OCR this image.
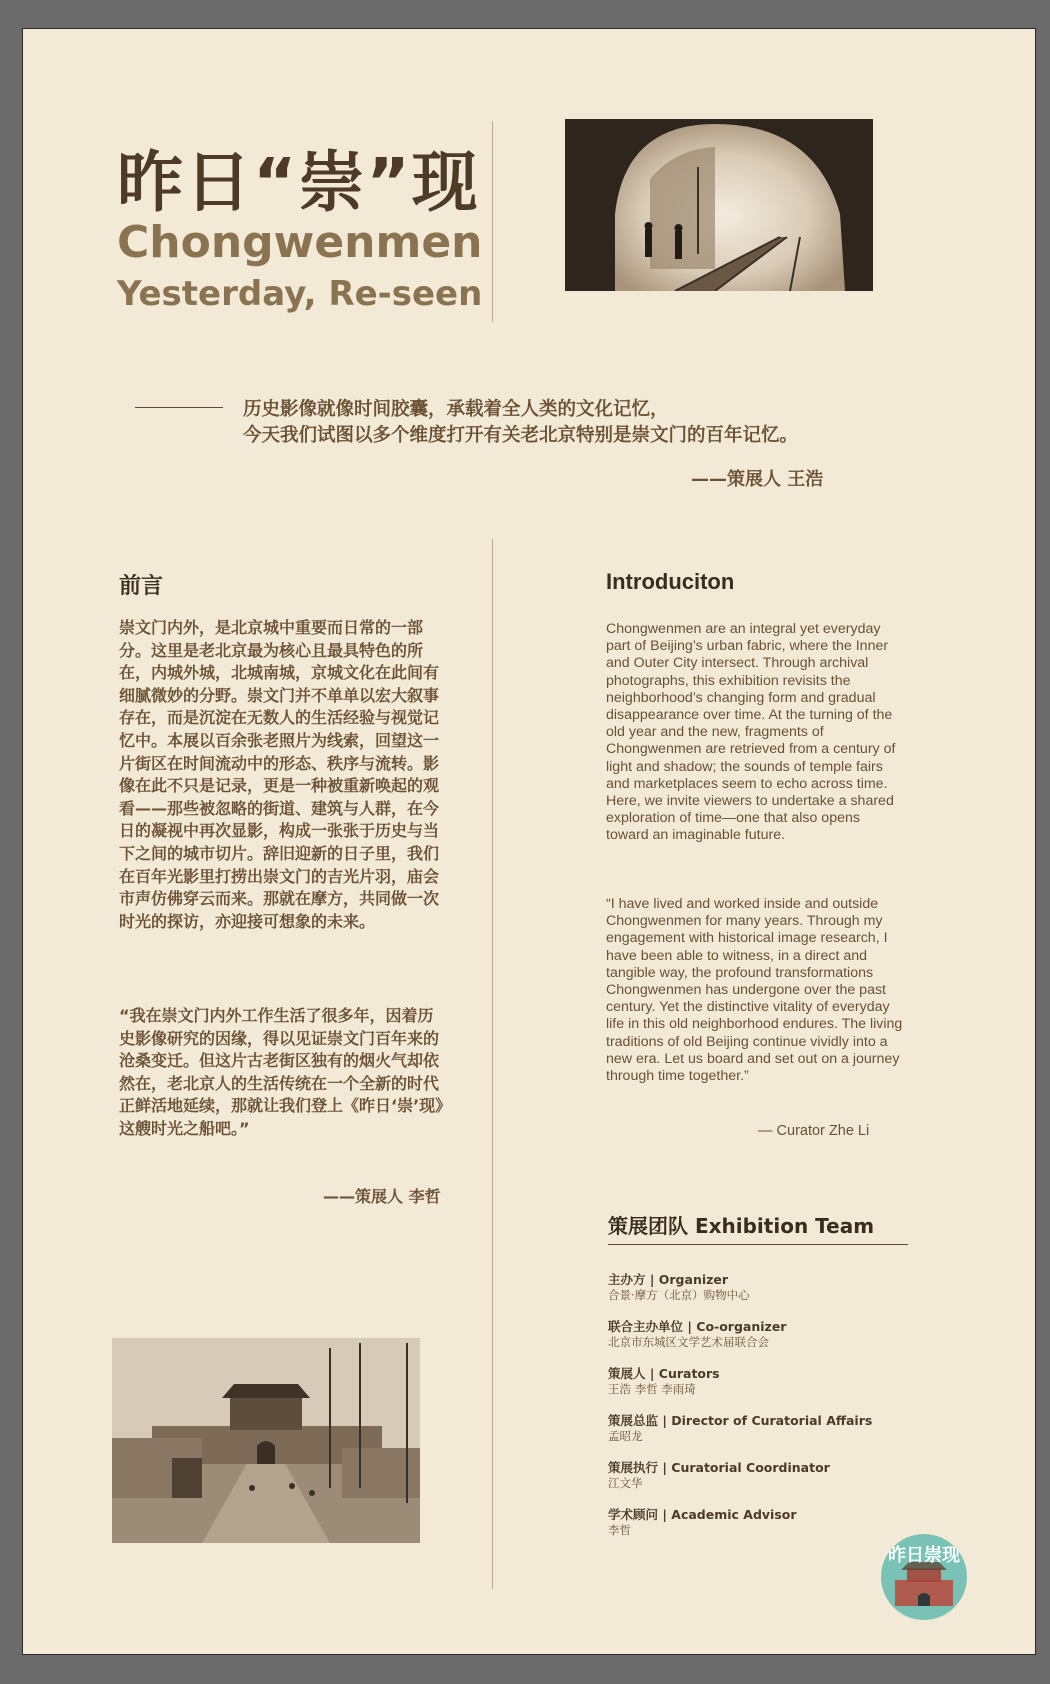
昨日“崇”现
Chongwenmen
Yesterday, Re-seen
历史影像就像时间胶囊，承载着全人类的文化记忆，
今天我们试图以多个维度打开有关老北京特别是崇文门的百年记忆。
——策展人 王浩
前言
崇文门内外，是北京城中重要而日常的一部分。这里是老北京最为核心且最具特色的所在，内城外城，北城南城，京城文化在此间有细腻微妙的分野。崇文门并不单单以宏大叙事存在，而是沉淀在无数人的生活经验与视觉记忆中。本展以百余张老照片为线索，回望这一片街区在时间流动中的形态、秩序与流转。影像在此不只是记录，更是一种被重新唤起的观看——那些被忽略的街道、建筑与人群，在今日的凝视中再次显影，构成一张张于历史与当下之间的城市切片。辞旧迎新的日子里，我们在百年光影里打捞出崇文门的吉光片羽，庙会市声仿佛穿云而来。那就在摩方，共同做一次时光的探访，亦迎接可想象的未来。
“我在崇文门内外工作生活了很多年，因着历史影像研究的因缘，得以见证崇文门百年来的沧桑变迁。但这片古老街区独有的烟火气却依然在，老北京人的生活传统在一个全新的时代正鲜活地延续，那就让我们登上《昨日‘崇’现》这艘时光之船吧。”
——策展人 李哲
Introduciton
Chongwenmen are an integral yet everyday part of Beijing’s urban fabric, where the Inner and Outer City intersect. Through archival photographs, this exhibition revisits the neighborhood’s changing form and gradual disappearance over time. At the turning of the old year and the new, fragments of Chongwenmen are retrieved from a century of light and shadow; the sounds of temple fairs and marketplaces seem to echo across time. Here, we invite viewers to undertake a shared exploration of time—one that also opens toward an imaginable future.
“I have lived and worked inside and outside Chongwenmen for many years. Through my engagement with historical image research, I have been able to witness, in a direct and tangible way, the profound transformations Chongwenmen has undergone over the past century. Yet the distinctive vitality of everyday life in this old neighborhood endures. The living traditions of old Beijing continue vividly into a new era. Let us board and set out on a journey through time together.”
— Curator Zhe Li
策展团队 Exhibition Team
主办方 | Organizer
合景·摩方（北京）购物中心
联合主办单位 | Co-organizer
北京市东城区文学艺术届联合会
策展人 | Curators
王浩 李哲 李雨琦
策展总监 | Director of Curatorial Affairs
孟昭龙
策展执行 | Curatorial Coordinator
江文华
学术顾问 | Academic Advisor
李哲
昨日崇现
